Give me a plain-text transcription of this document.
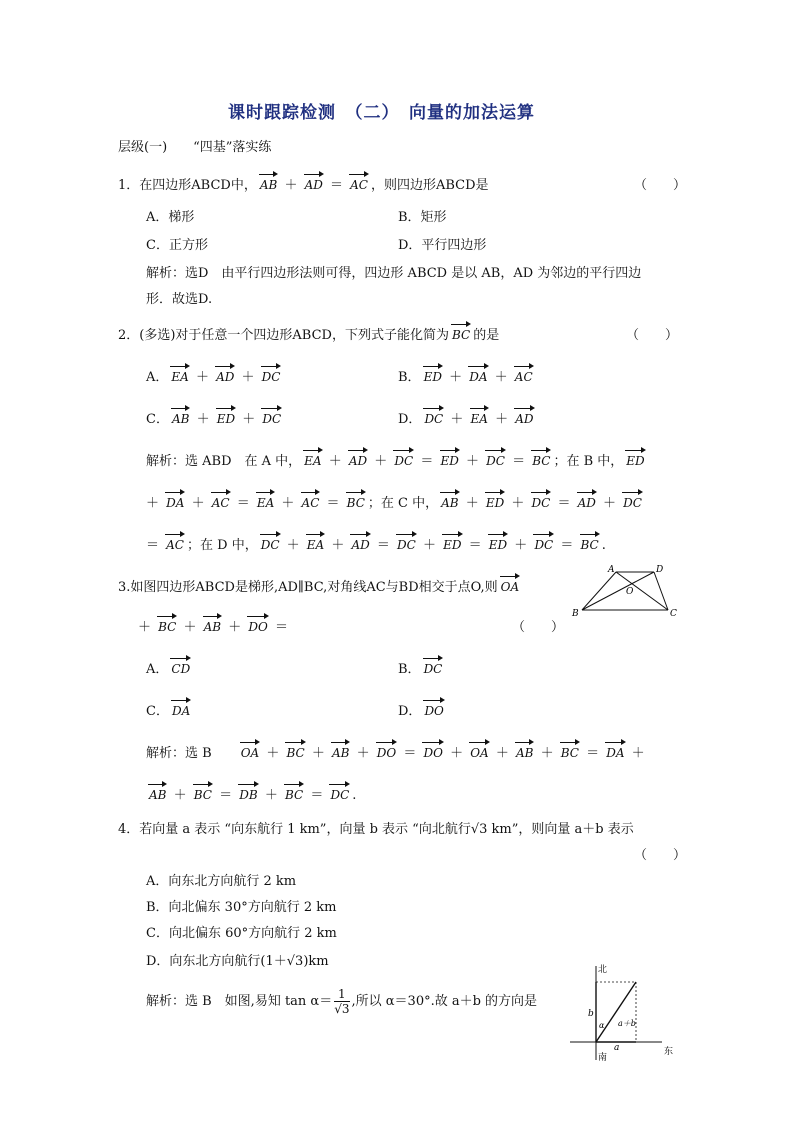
课时跟踪检测　（二）　向量的加法运算
层级(一)　　“四基”落实练
1．在四边形ABCD中， AB ＋ AD ＝ AC ，则四边形ABCD是	（　　）
A．梯形	B．矩形
C．正方形	D．平行四边形
解析：选D　由平行四边形法则可得，四边形 ABCD 是以 AB，AD 为邻边的平行四边
形．故选D.
2．(多选)对于任意一个四边形ABCD，下列式子能化简为 BC 的是	（　　）
A． EA ＋ AD ＋ DC	B． ED ＋ DA ＋ AC
C． AB ＋ ED ＋ DC	D． DC ＋ EA ＋ AD
解析：选 ABD　在 A 中， EA ＋ AD ＋ DC ＝ ED ＋ DC ＝ BC ；在 B 中， ED
＋ DA ＋ AC ＝ EA ＋ AC ＝ BC ；在 C 中， AB ＋ ED ＋ DC ＝ AD ＋ DC
＝ AC ；在 D 中， DC ＋ EA ＋ AD ＝ DC ＋ ED ＝ ED ＋ DC ＝ BC .
3.如图四边形ABCD是梯形,AD∥BC,对角线AC与BD相交于点O,则 OA
＋ BC ＋ AB ＋ DO ＝	（　　）
A	D
O
B	C
A． CD	B． DC
C． DA	D． DO
解析：选 B　　 OA ＋ BC ＋ AB ＋ DO ＝ DO ＋ OA ＋ AB ＋ BC ＝ DA ＋
AB ＋ BC ＝ DB ＋ BC ＝ DC .
4．若向量 a 表示 “向东航行 1 km”，向量 b 表示 “向北航行√3 km”，则向量 a＋b 表示
（　　）
A．向东北方向航行 2 km
B．向北偏东 30°方向航行 2 km
C．向北偏东 60°方向航行 2 km
D．向东北方向航行(1＋√3)km
解析：选 B　如图,易知 $\tan \alpha= \frac{1}{√3}$ ,所以 α＝30°.故 a＋b 的方向是
北
南
东
a
b
a＋b
α
